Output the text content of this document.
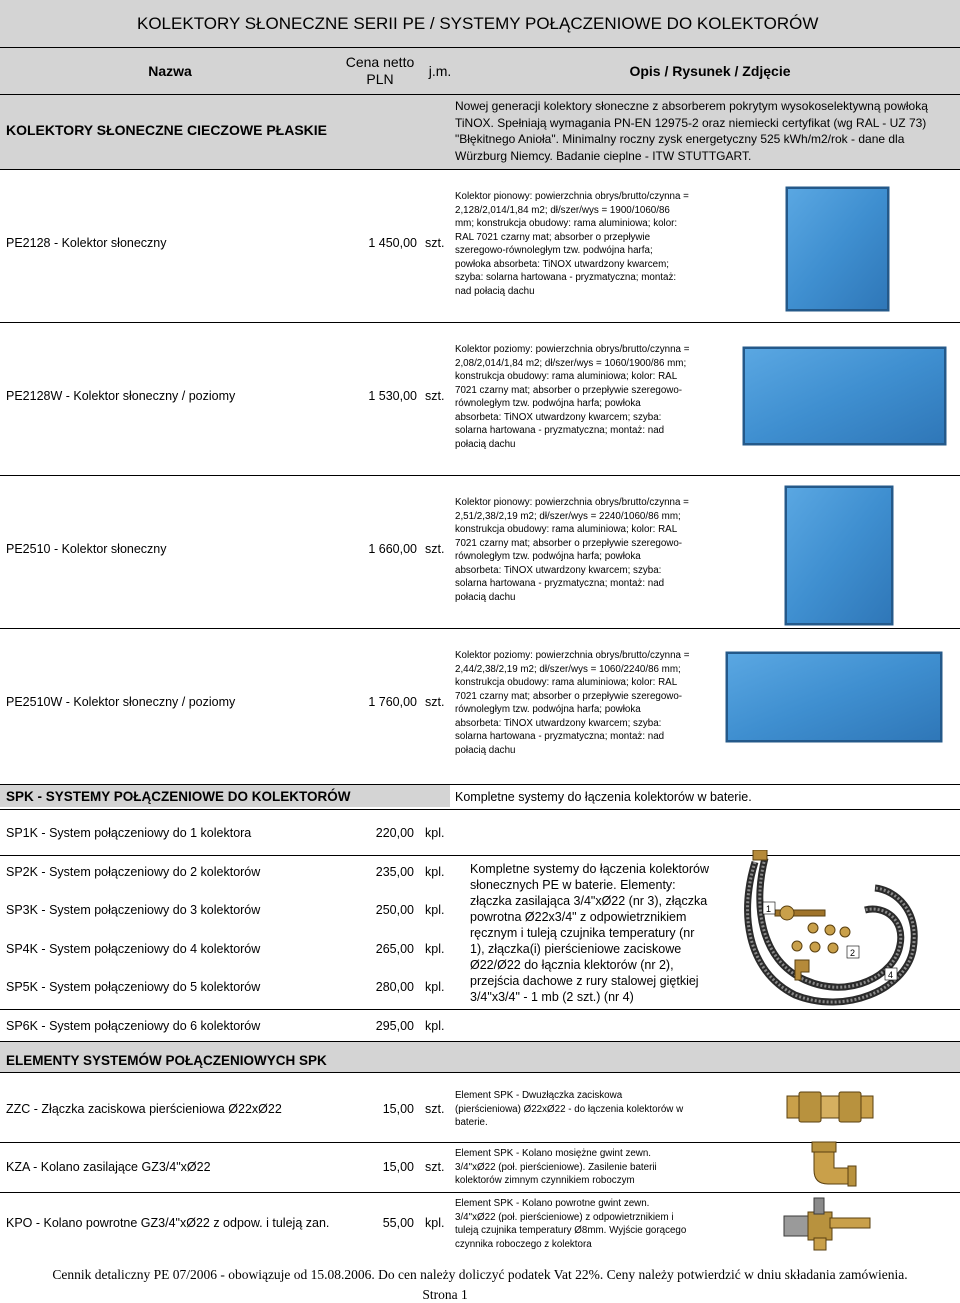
KOLEKTORY SŁONECZNE SERII PE / SYSTEMY POŁĄCZENIOWE DO KOLEKTORÓW
Nazwa
Cena netto
PLN	j.m.	Opis / Rysunek / Zdjęcie
KOLEKTORY SŁONECZNE CIECZOWE PŁASKIE
Nowej generacji kolektory słoneczne z absorberem pokrytym wysokoselektywną powłoką TiNOX. Spełniają wymagania PN-EN 12975-2 oraz niemiecki certyfikat (wg RAL - UZ 73) "Błękitnego Anioła". Minimalny roczny zysk energetyczny 525 kWh/m2/rok - dane dla Würzburg Niemcy. Badanie cieplne - ITW STUTTGART.
PE2128 - Kolektor słoneczny	1 450,00 szt.
Kolektor pionowy: powierzchnia obrys/brutto/czynna =
2,128/2,014/1,84 m2; dł/szer/wys = 1900/1060/86
mm; konstrukcja obudowy: rama aluminiowa; kolor:
RAL 7021 czarny mat; absorber o przepływie
szeregowo-równoległym tzw. podwójna harfa;
powłoka absorbeta: TiNOX utwardzony kwarcem;
szyba: solarna hartowana - pryzmatyczna; montaż:
nad połacią dachu
PE2128W - Kolektor słoneczny / poziomy	1 530,00 szt.
Kolektor poziomy: powierzchnia obrys/brutto/czynna =
2,08/2,014/1,84 m2; dł/szer/wys = 1060/1900/86 mm;
konstrukcja obudowy: rama aluminiowa; kolor: RAL
7021 czarny mat; absorber o przepływie szeregowo-
równoległym tzw. podwójna harfa; powłoka
absorbeta: TiNOX utwardzony kwarcem; szyba:
solarna hartowana - pryzmatyczna; montaż: nad
połacią dachu
PE2510 - Kolektor słoneczny	1 660,00 szt.
Kolektor pionowy: powierzchnia obrys/brutto/czynna =
2,51/2,38/2,19 m2; dł/szer/wys = 2240/1060/86 mm;
konstrukcja obudowy: rama aluminiowa; kolor: RAL
7021 czarny mat; absorber o przepływie szeregowo-
równoległym tzw. podwójna harfa; powłoka
absorbeta: TiNOX utwardzony kwarcem; szyba:
solarna hartowana - pryzmatyczna; montaż: nad
połacią dachu
PE2510W - Kolektor słoneczny / poziomy	1 760,00 szt.
Kolektor poziomy: powierzchnia obrys/brutto/czynna =
2,44/2,38/2,19 m2; dł/szer/wys = 1060/2240/86 mm;
konstrukcja obudowy: rama aluminiowa; kolor: RAL
7021 czarny mat; absorber o przepływie szeregowo-
równoległym tzw. podwójna harfa; powłoka
absorbeta: TiNOX utwardzony kwarcem; szyba:
solarna hartowana - pryzmatyczna; montaż: nad
połacią dachu
SPK - SYSTEMY POŁĄCZENIOWE DO KOLEKTORÓW	Kompletne systemy do łączenia kolektorów w baterie.
SP1K - System połączeniowy do 1 kolektora	220,00 kpl.
SP2K - System połączeniowy do 2 kolektorów	235,00 kpl.
SP3K - System połączeniowy do 3 kolektorów	250,00 kpl.
SP4K - System połączeniowy do 4 kolektorów	265,00 kpl.
SP5K - System połączeniowy do 5 kolektorów	280,00 kpl.
SP6K - System połączeniowy do 6 kolektorów	295,00 kpl.
Kompletne systemy do łączenia kolektorów
słonecznych PE w baterie. Elementy:
złączka zasilająca 3/4"xØ22 (nr 3), złączka
powrotna Ø22x3/4" z odpowietrznikiem
ręcznym i tuleją czujnika temperatury (nr
1), złączka(i) pierścieniowe zaciskowe
Ø22/Ø22 do łącznia klektorów (nr 2),
przejścia dachowe z rury stalowej giętkiej
3/4"x3/4" - 1 mb (2 szt.) (nr 4)
1
2
4
ELEMENTY SYSTEMÓW POŁĄCZENIOWYCH SPK
ZZC - Złączka zaciskowa pierścieniowa Ø22xØ22	15,00 szt.
Element SPK - Dwuzłączka zaciskowa
(pierścieniowa) Ø22xØ22 - do łączenia kolektorów w
baterie.
KZA - Kolano zasilające GZ3/4"xØ22	15,00 szt.
Element SPK - Kolano mosiężne gwint zewn.
3/4"xØ22 (poł. pierścieniowe). Zasilenie baterii
kolektorów zimnym czynnikiem roboczym
KPO - Kolano powrotne GZ3/4"xØ22 z odpow. i tuleją zan.	55,00 kpl.
Element SPK - Kolano powrotne gwint zewn.
3/4"xØ22 (poł. pierścieniowe) z odpowietrznikiem i
tuleją czujnika temperatury Ø8mm. Wyjście gorącego
czynnika roboczego z kolektora
Cennik detaliczny PE 07/2006 - obowiązuje od 15.08.2006. Do cen należy doliczyć podatek Vat 22%. Ceny należy potwierdzić w dniu składania zamówienia.
Strona 1
